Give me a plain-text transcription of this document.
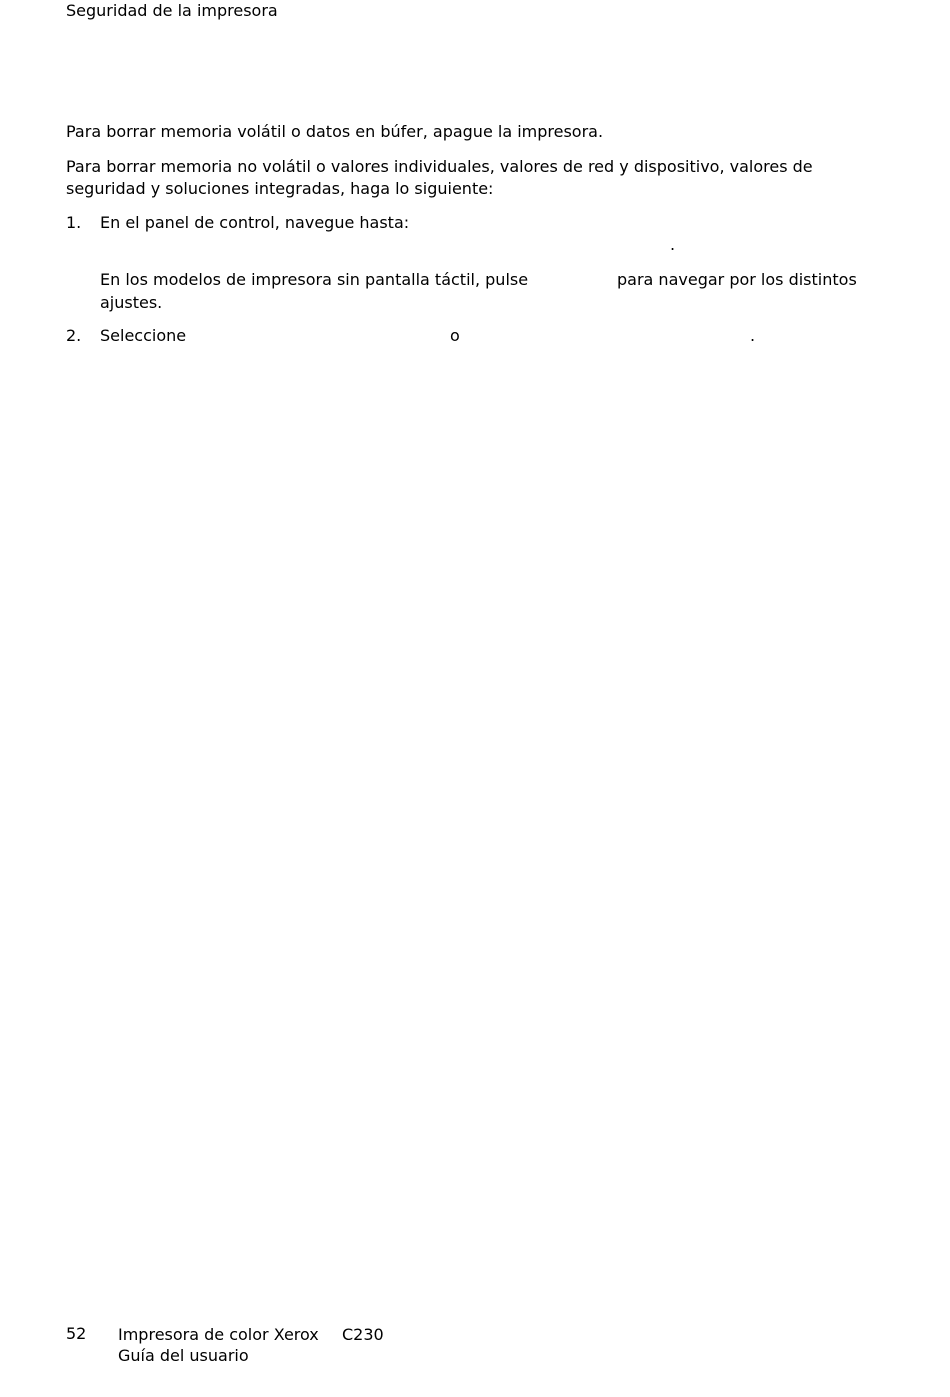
Seguridad de la impresora
Para borrar memoria volátil o datos en búfer, apague la impresora.
Para borrar memoria no volátil o valores individuales, valores de red y dispositivo, valores de seguridad y soluciones integradas, haga lo siguiente:
1. En el panel de control, navegue hasta:
.
En los modelos de impresora sin pantalla táctil, pulse	para navegar por los distintos
ajustes.
2. Seleccione	o	.
52 Impresora de color Xerox C230
Guía del usuario
